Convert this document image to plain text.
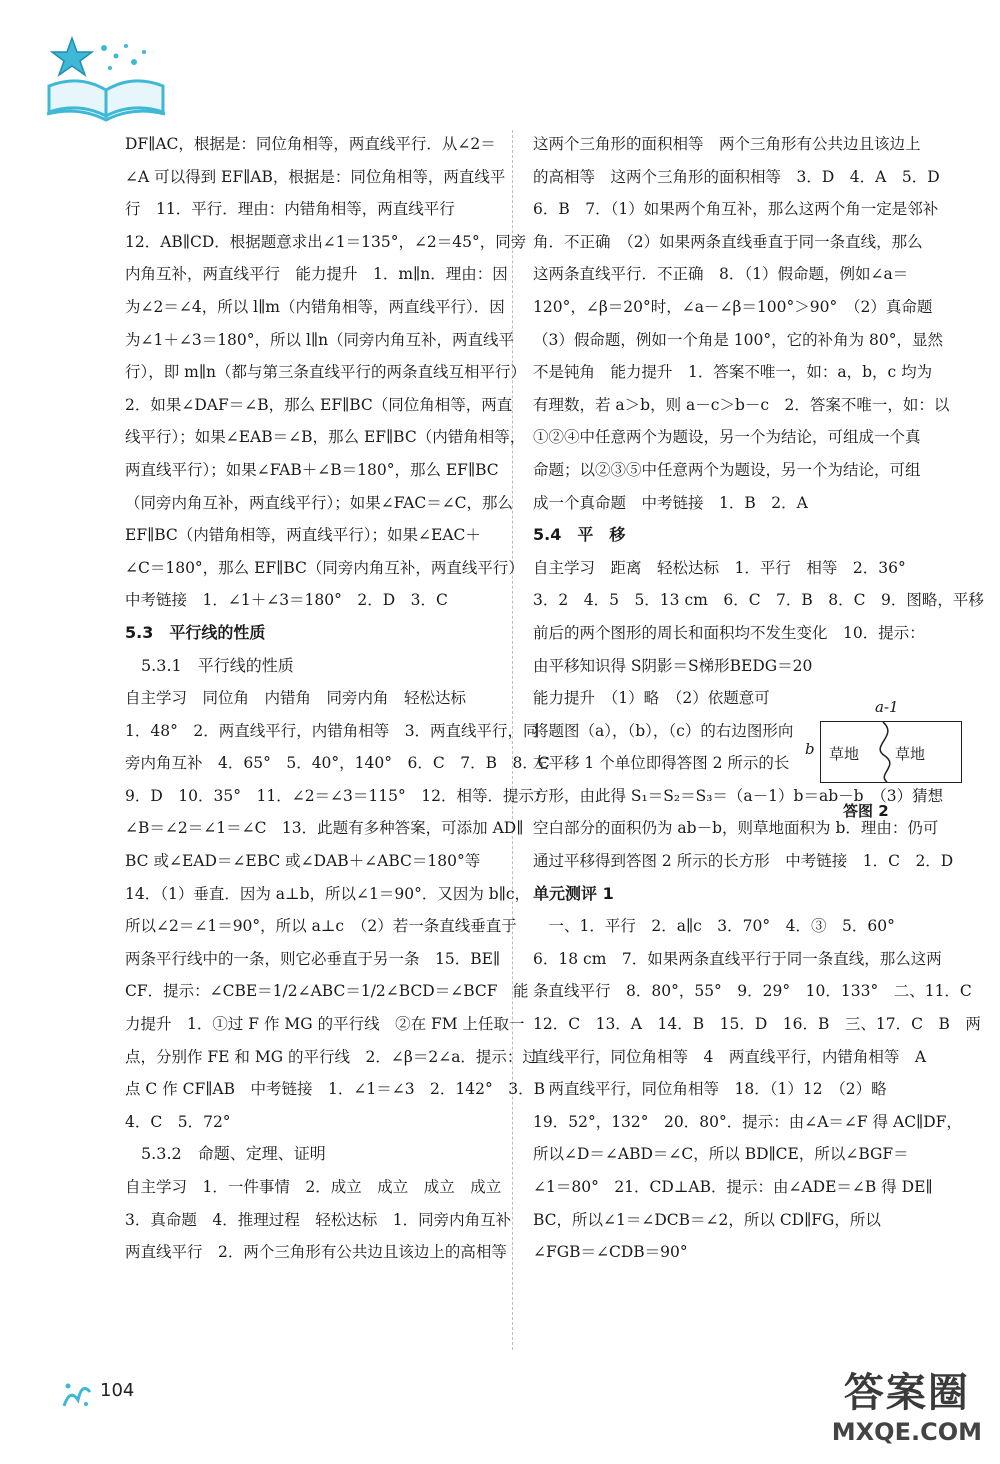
DF∥AC，根据是：同位角相等，两直线平行．从∠2＝
∠A 可以得到 EF∥AB，根据是：同位角相等，两直线平
行　11．平行．理由：内错角相等，两直线平行
12．AB∥CD．根据题意求出∠1＝135°，∠2＝45°，同旁
内角互补，两直线平行　能力提升　1．m∥n．理由：因
为∠2＝∠4，所以 l∥m（内错角相等，两直线平行）．因
为∠1＋∠3＝180°，所以 l∥n（同旁内角互补，两直线平
行），即 m∥n（都与第三条直线平行的两条直线互相平行）
2．如果∠DAF＝∠B，那么 EF∥BC（同位角相等，两直
线平行）；如果∠EAB＝∠B，那么 EF∥BC（内错角相等，
两直线平行）；如果∠FAB＋∠B＝180°，那么 EF∥BC
（同旁内角互补，两直线平行）；如果∠FAC＝∠C，那么
EF∥BC（内错角相等，两直线平行）；如果∠EAC＋
∠C＝180°，那么 EF∥BC（同旁内角互补，两直线平行）
中考链接　1．∠1＋∠3＝180°　2．D　3．C
5.3　平行线的性质
　5.3.1　平行线的性质
自主学习　同位角　内错角　同旁内角　轻松达标
1．48°　2．两直线平行，内错角相等　3．两直线平行，同
旁内角互补　4．65°　5．40°，140°　6．C　7．B　8．C
9．D　10．35°　11．∠2＝∠3＝115°　12．相等．提示：
∠B＝∠2＝∠1＝∠C　13．此题有多种答案，可添加 AD∥
BC 或∠EAD＝∠EBC 或∠DAB＋∠ABC＝180°等
14．（1）垂直．因为 a⊥b，所以∠1＝90°．又因为 b∥c，
所以∠2＝∠1＝90°，所以 a⊥c　（2）若一条直线垂直于
两条平行线中的一条，则它必垂直于另一条　15．BE∥
CF．提示：∠CBE＝1/2∠ABC＝1/2∠BCD＝∠BCF　能
力提升　1．①过 F 作 MG 的平行线　②在 FM 上任取一
点，分别作 FE 和 MG 的平行线　2．∠β＝2∠a．提示：过
点 C 作 CF∥AB　中考链接　1．∠1＝∠3　2．142°　3．B
4．C　5．72°
　5.3.2　命题、定理、证明
自主学习　1．一件事情　2．成立　成立　成立　成立
3．真命题　4．推理过程　轻松达标　1．同旁内角互补
两直线平行　2．两个三角形有公共边且该边上的高相等
这两个三角形的面积相等　两个三角形有公共边且该边上
的高相等　这两个三角形的面积相等　3．D　4．A　5．D
6．B　7．（1）如果两个角互补，那么这两个角一定是邻补
角．不正确　（2）如果两条直线垂直于同一条直线，那么
这两条直线平行．不正确　8．（1）假命题，例如∠a＝
120°，∠β＝20°时，∠a－∠β＝100°＞90°　（2）真命题
（3）假命题，例如一个角是 100°，它的补角为 80°，显然
不是钝角　能力提升　1．答案不唯一，如：a，b，c 均为
有理数，若 a＞b，则 a－c＞b－c　2．答案不唯一，如：以
①②④中任意两个为题设，另一个为结论，可组成一个真
命题；以②③⑤中任意两个为题设，另一个为结论，可组
成一个真命题　中考链接　1．B　2．A
5.4　平　移
自主学习　距离　轻松达标　1．平行　相等　2．36°
3．2　4．5　5．13 cm　6．C　7．B　8．C　9．图略，平移
前后的两个图形的周长和面积均不发生变化　10．提示：
由平移知识得 S阴影＝S梯形BEDG＝20
能力提升　（1）略　（2）依题意可
将题图（a），（b），（c）的右边图形向
左平移 1 个单位即得答图 2 所示的长
方形，由此得 S₁＝S₂＝S₃＝（a－1）b＝ab－b　（3）猜想
空白部分的面积仍为 ab－b，则草地面积为 b．理由：仍可
通过平移得到答图 2 所示的长方形　中考链接　1．C　2．D
单元测评 1
　一、1．平行　2．a∥c　3．70°　4．③　5．60°
6．18 cm　7．如果两条直线平行于同一条直线，那么这两
条直线平行　8．80°，55°　9．29°　10．133°　二、11．C
12．C　13．A　14．B　15．D　16．B　三、17．C　B　两
直线平行，同位角相等　4　两直线平行，内错角相等　A
　两直线平行，同位角相等　18．（1）12　（2）略
19．52°，132°　20．80°．提示：由∠A＝∠F 得 AC∥DF，
所以∠D＝∠ABD＝∠C，所以 BD∥CE，所以∠BGF＝
∠1＝80°　21．CD⊥AB．提示：由∠ADE＝∠B 得 DE∥
BC，所以∠1＝∠DCB＝∠2，所以 CD∥FG，所以
∠FGB＝∠CDB＝90°
a-1
b 草地 草地
答图 2
104	答案圈
MXQE.COM
